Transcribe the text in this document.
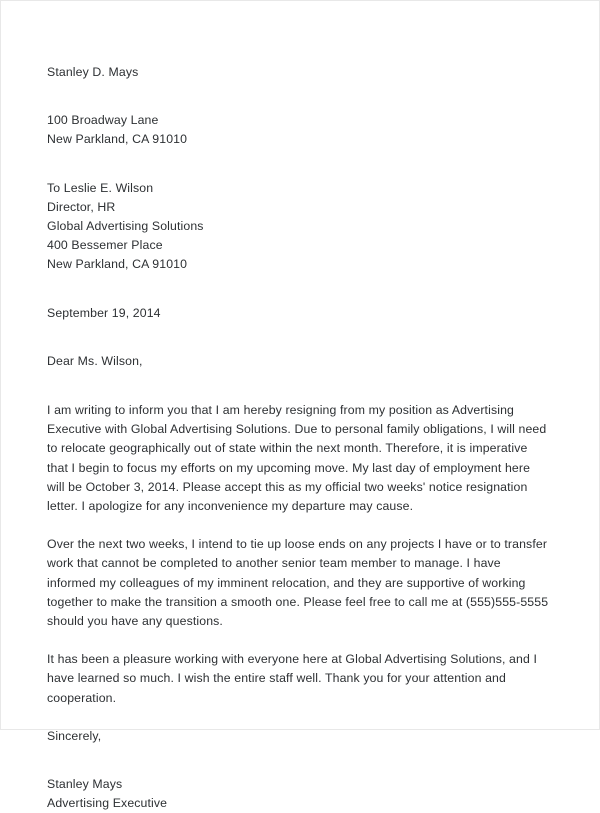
Stanley D. Mays
100 Broadway Lane
New Parkland, CA 91010
To Leslie E. Wilson
Director, HR
Global Advertising Solutions
400 Bessemer Place
New Parkland, CA 91010
September 19, 2014
Dear Ms. Wilson,

I am writing to inform you that I am hereby resigning from my position as Advertising Executive with Global Advertising Solutions. Due to personal family obligations, I will need to relocate geographically out of state within the next month. Therefore, it is imperative that I begin to focus my efforts on my upcoming move. My last day of employment here will be October 3, 2014. Please accept this as my official two weeks' notice resignation letter. I apologize for any inconvenience my departure may cause.

Over the next two weeks, I intend to tie up loose ends on any projects I have or to transfer work that cannot be completed to another senior team member to manage. I have informed my colleagues of my imminent relocation, and they are supportive of working together to make the transition a smooth one. Please feel free to call me at (555)555-5555 should you have any questions.

It has been a pleasure working with everyone here at Global Advertising Solutions, and I have learned so much. I wish the entire staff well. Thank you for your attention and cooperation.

Sincerely,
Stanley Mays
Advertising Executive
